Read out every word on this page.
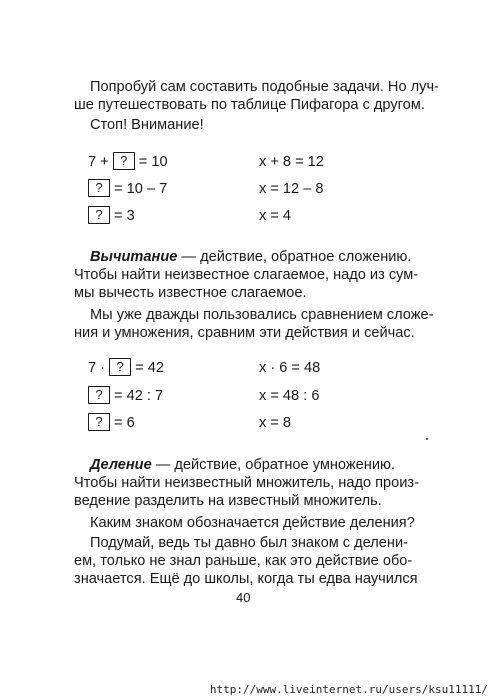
Попробуй сам составить подобные задачи. Но луч-
ше путешествовать по таблице Пифагора с другом.
Стоп! Внимание!
7 + ? = 10	x + 8 = 12
? = 10 – 7	x = 12 – 8
? = 3	x = 4
Вычитание — действие, обратное сложению.
Чтобы найти неизвестное слагаемое, надо из сум-
мы вычесть известное слагаемое.
Мы уже дважды пользовались сравнением сложе-
ния и умножения, сравним эти действия и сейчас.
7 · ? = 42	x · 6 = 48
? = 42 : 7	x = 48 : 6
? = 6	x = 8
Деление — действие, обратное умножению.
Чтобы найти неизвестный множитель, надо произ-
ведение разделить на известный множитель.
Каким знаком обозначается действие деления?
Подумай, ведь ты давно был знаком с делени-
ем, только не знал раньше, как это действие обо-
значается. Ещё до школы, когда ты едва научился
40
http://www.liveinternet.ru/users/ksu11111/
